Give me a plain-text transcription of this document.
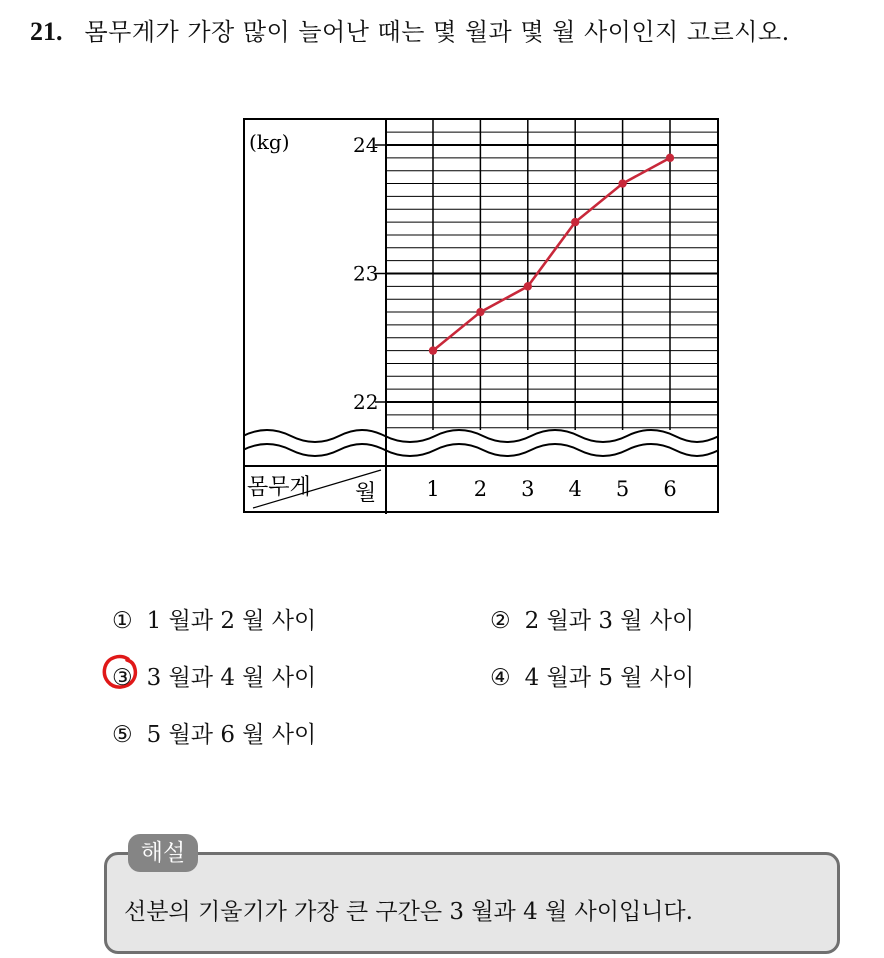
21. 몸무게가 가장 많이 늘어난 때는 몇 월과 몇 월 사이인지 고르시오.
몸무게 월
(kg)
22
23
24
1 2 3 4 5 6
① 1 월과 2 월 사이	② 2 월과 3 월 사이
③ 3 월과 4 월 사이	④ 4 월과 5 월 사이
⑤ 5 월과 6 월 사이
해설
선분의 기울기가 가장 큰 구간은 3 월과 4 월 사이입니다.
